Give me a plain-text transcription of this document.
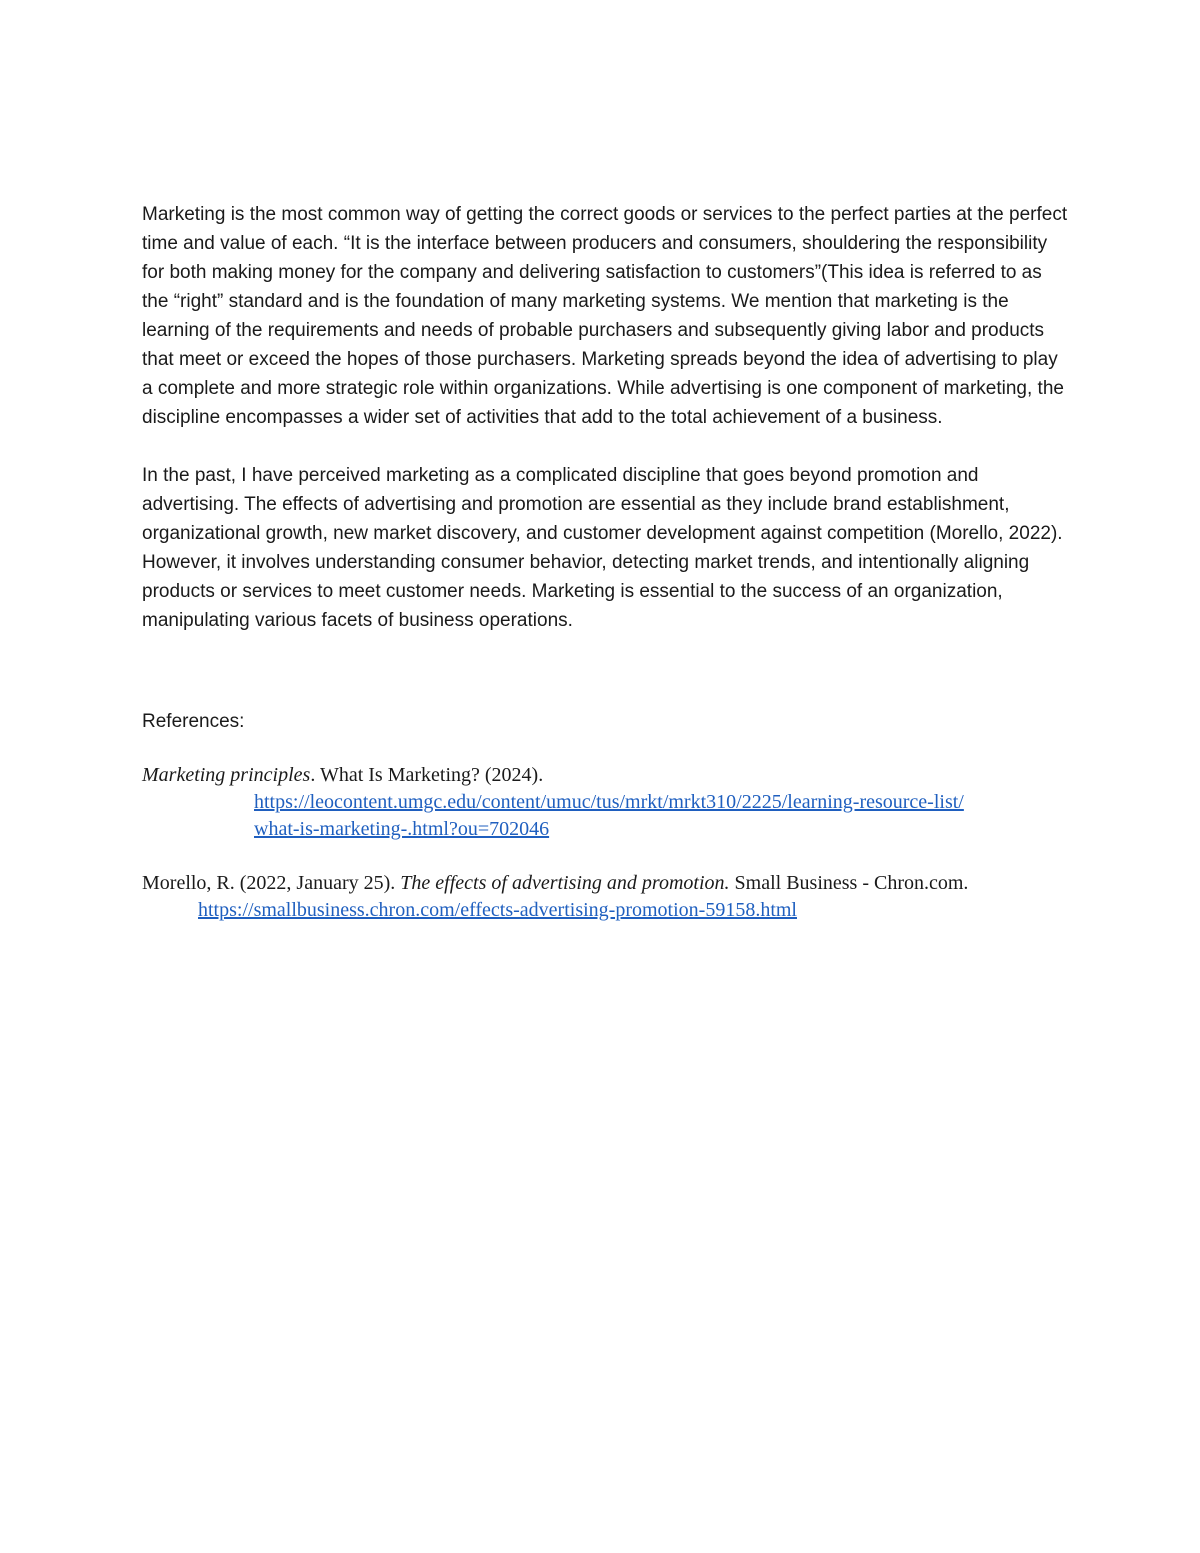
Marketing is the most common way of getting the correct goods or services to the perfect parties at the perfect time and value of each. “It is the interface between producers and consumers, shouldering the responsibility for both making money for the company and delivering satisfaction to customers”(This idea is referred to as the “right” standard and is the foundation of many marketing systems. We mention that marketing is the learning of the requirements and needs of probable purchasers and subsequently giving labor and products that meet or exceed the hopes of those purchasers. Marketing spreads beyond the idea of advertising to play a complete and more strategic role within organizations. While advertising is one component of marketing, the discipline encompasses a wider set of activities that add to the total achievement of a business.

In the past, I have perceived marketing as a complicated discipline that goes beyond promotion and advertising. The effects of advertising and promotion are essential as they include brand establishment, organizational growth, new market discovery, and customer development against competition (Morello, 2022). However, it involves understanding consumer behavior, detecting market trends, and intentionally aligning products or services to meet customer needs. Marketing is essential to the success of an organization, manipulating various facets of business operations.

References:

Marketing principles. What Is Marketing? (2024).
https://leocontent.umgc.edu/content/umuc/tus/mrkt/mrkt310/2225/learning-resource-list/
what-is-marketing-.html?ou=702046

Morello, R. (2022, January 25). The effects of advertising and promotion. Small Business - Chron.com. https://smallbusiness.chron.com/effects-advertising-promotion-59158.html
